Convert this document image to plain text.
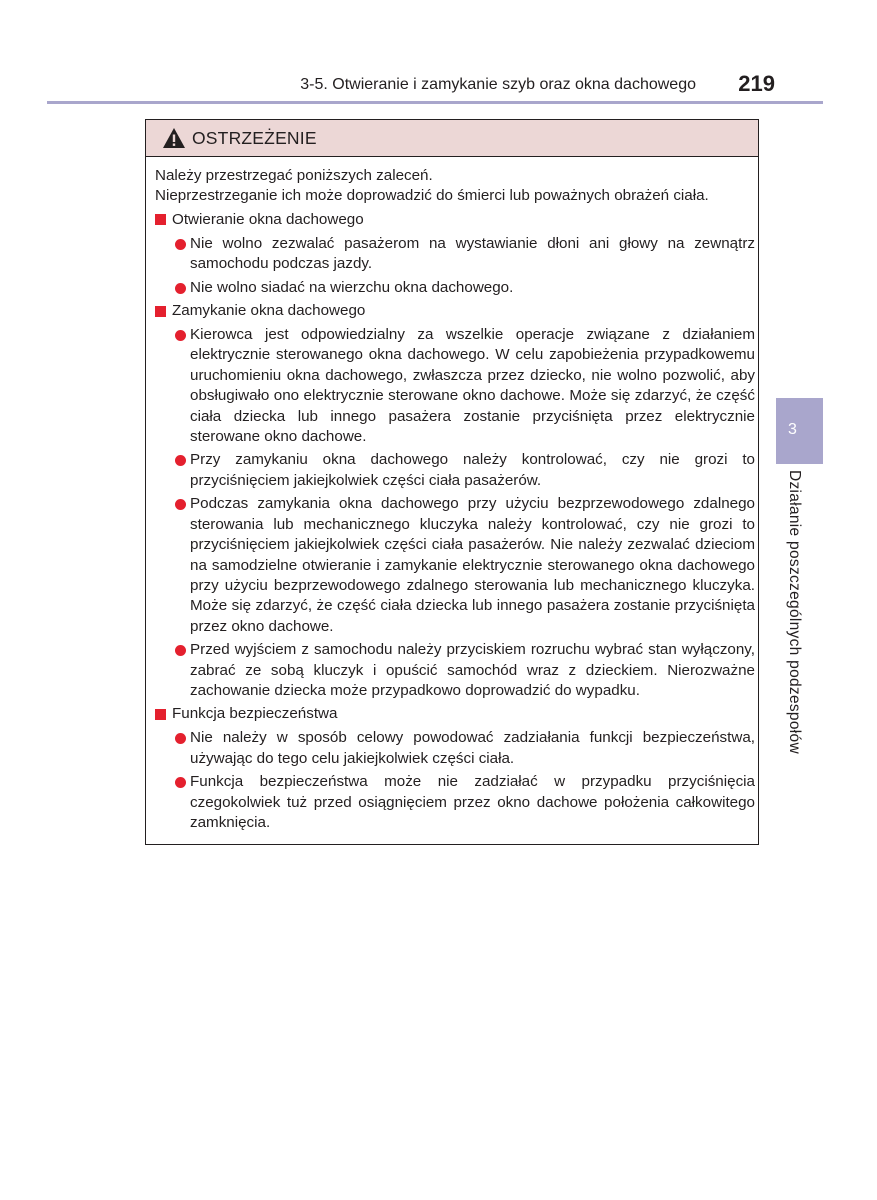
3-5. Otwieranie i zamykanie szyb oraz okna dachowego	219
OSTRZEŻENIE

Należy przestrzegać poniższych zaleceń.

Nieprzestrzeganie ich może doprowadzić do śmierci lub poważnych obrażeń ciała.

Otwieranie okna dachowego
Nie wolno zezwalać pasażerom na wystawianie dłoni ani głowy na zewnątrz samochodu podczas jazdy.
Nie wolno siadać na wierzchu okna dachowego.
Zamykanie okna dachowego
Kierowca jest odpowiedzialny za wszelkie operacje związane z działaniem elektrycznie sterowanego okna dachowego. W celu zapobieżenia przypadkowemu uruchomieniu okna dachowego, zwłaszcza przez dziecko, nie wolno pozwolić, aby obsługiwało ono elektrycznie sterowane okno dachowe. Może się zdarzyć, że część ciała dziecka lub innego pasażera zostanie przyciśnięta przez elektrycznie sterowane okno dachowe.
Przy zamykaniu okna dachowego należy kontrolować, czy nie grozi to przyciśnięciem jakiejkolwiek części ciała pasażerów.
Podczas zamykania okna dachowego przy użyciu bezprzewodowego zdalnego sterowania lub mechanicznego kluczyka należy kontrolować, czy nie grozi to przyciśnięciem jakiejkolwiek części ciała pasażerów. Nie należy zezwalać dzieciom na samodzielne otwieranie i zamykanie elektrycznie sterowanego okna dachowego przy użyciu bezprzewodowego zdalnego sterowania lub mechanicznego kluczyka. Może się zdarzyć, że część ciała dziecka lub innego pasażera zostanie przyciśnięta przez okno dachowe.
Przed wyjściem z samochodu należy przyciskiem rozruchu wybrać stan wyłączony, zabrać ze sobą kluczyk i opuścić samochód wraz z dzieckiem. Nierozważne zachowanie dziecka może przypadkowo doprowadzić do wypadku.
Funkcja bezpieczeństwa
Nie należy w sposób celowy powodować zadziałania funkcji bezpieczeństwa, używając do tego celu jakiejkolwiek części ciała.
Funkcja bezpieczeństwa może nie zadziałać w przypadku przyciśnięcia czegokolwiek tuż przed osiągnięciem przez okno dachowe położenia całkowitego zamknięcia.
3
Działanie poszczególnych podzespołów
